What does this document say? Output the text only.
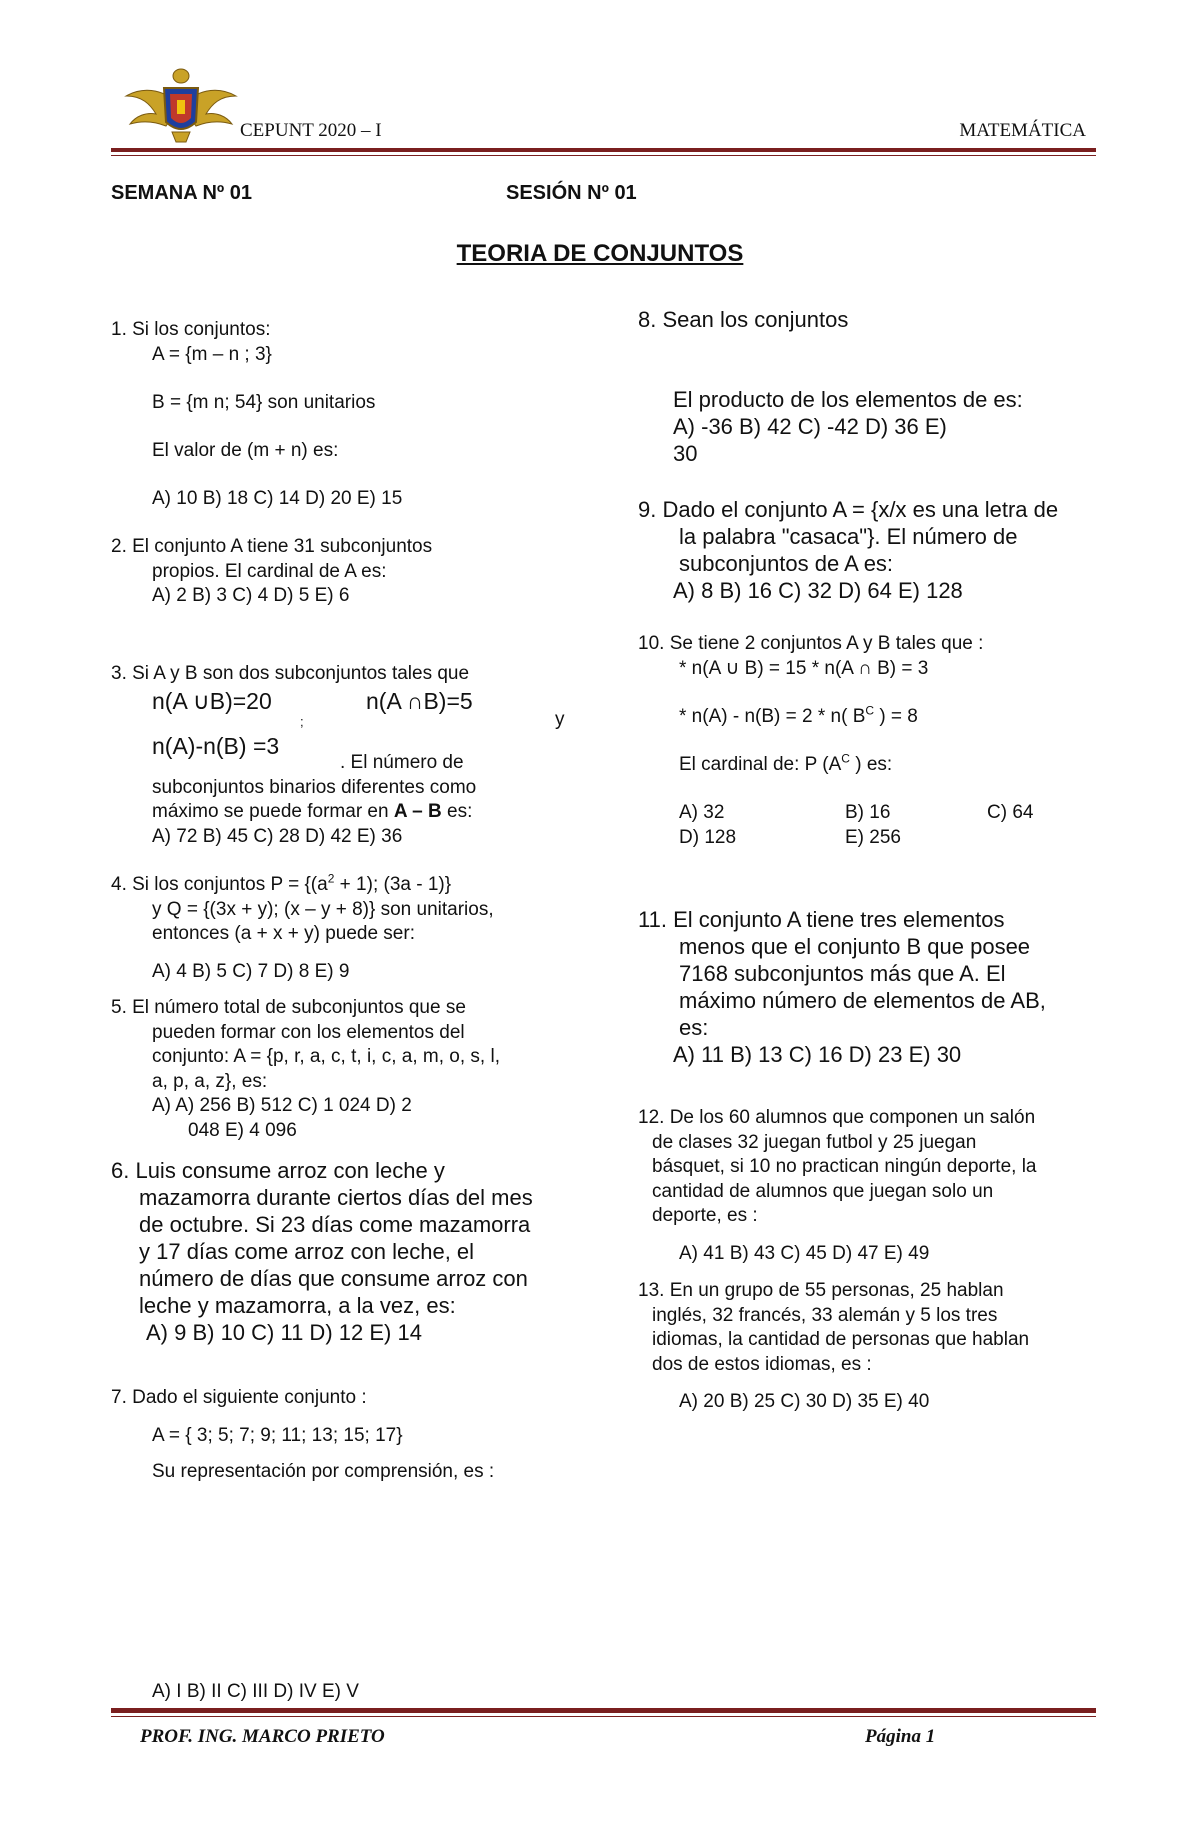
CEPUNT 2020 – I	MATEMÁTICA
SEMANA Nº 01	SESIÓN Nº 01
TEORIA DE CONJUNTOS
1. Si los conjuntos:
A = {m – n ; 3}
B = {m n; 54} son unitarios
El valor de (m + n) es:
A) 10 B) 18 C) 14 D) 20 E) 15
2. El conjunto A tiene 31 subconjuntos
propios. El cardinal de A es:
A) 2 B) 3 C) 4 D) 5 E) 6
3. Si A y B son dos subconjuntos tales que
n(A ∪B)=20	n(A ∩B)=5
;	y
n(A)-n(B) =3
. El número de
subconjuntos binarios diferentes como
máximo se puede formar en A – B es:
A) 72 B) 45 C) 28 D) 42 E) 36
4. Si los conjuntos $P = \{(a^2 + 1)$; (3a - 1)}
y Q = {(3x + y); (x – y + 8)} son unitarios,
entonces (a + x + y) puede ser:
A) 4 B) 5 C) 7 D) 8 E) 9
5. El número total de subconjuntos que se
pueden formar con los elementos del
conjunto: A = {p, r, a, c, t, i, c, a, m, o, s, l,
a, p, a, z}, es:
A) A) 256 B) 512 C) 1 024 D) 2
048 E) 4 096
6. Luis consume arroz con leche y
mazamorra durante ciertos días del mes
de octubre. Si 23 días come mazamorra
y 17 días come arroz con leche, el
número de días que consume arroz con
leche y mazamorra, a la vez, es:
A) 9 B) 10 C) 11 D) 12 E) 14
7. Dado el siguiente conjunto :
A = { 3; 5; 7; 9; 11; 13; 15; 17}
Su representación por comprensión, es :
A) I B) II C) III D) IV E) V
8. Sean los conjuntos
El producto de los elementos de es:
A) -36 B) 42 C) -42 D) 36 E)
30
9. Dado el conjunto A = {x/x es una letra de
la palabra "casaca"}. El número de
subconjuntos de A es:
A) 8 B) 16 C) 32 D) 64 E) 128
10. Se tiene 2 conjuntos A y B tales que :
* n(A ∪ B) = 15 * n(A ∩ B) = 3
* n(A) - n(B) = 2 * n( $B^C$ ) = 8
El cardinal de: P ($A^C$ ) es:
A) 32	B) 16	C) 64
D) 128	E) 256
11. El conjunto A tiene tres elementos
menos que el conjunto B que posee
7168 subconjuntos más que A. El
máximo número de elementos de AB,
es:
A) 11 B) 13 C) 16 D) 23 E) 30
12. De los 60 alumnos que componen un salón
de clases 32 juegan futbol y 25 juegan
básquet, si 10 no practican ningún deporte, la
cantidad de alumnos que juegan solo un
deporte, es :
A) 41 B) 43 C) 45 D) 47 E) 49
13. En un grupo de 55 personas, 25 hablan
inglés, 32 francés, 33 alemán y 5 los tres
idiomas, la cantidad de personas que hablan
dos de estos idiomas, es :
A) 20 B) 25 C) 30 D) 35 E) 40
PROF. ING. MARCO PRIETO	Página 1
